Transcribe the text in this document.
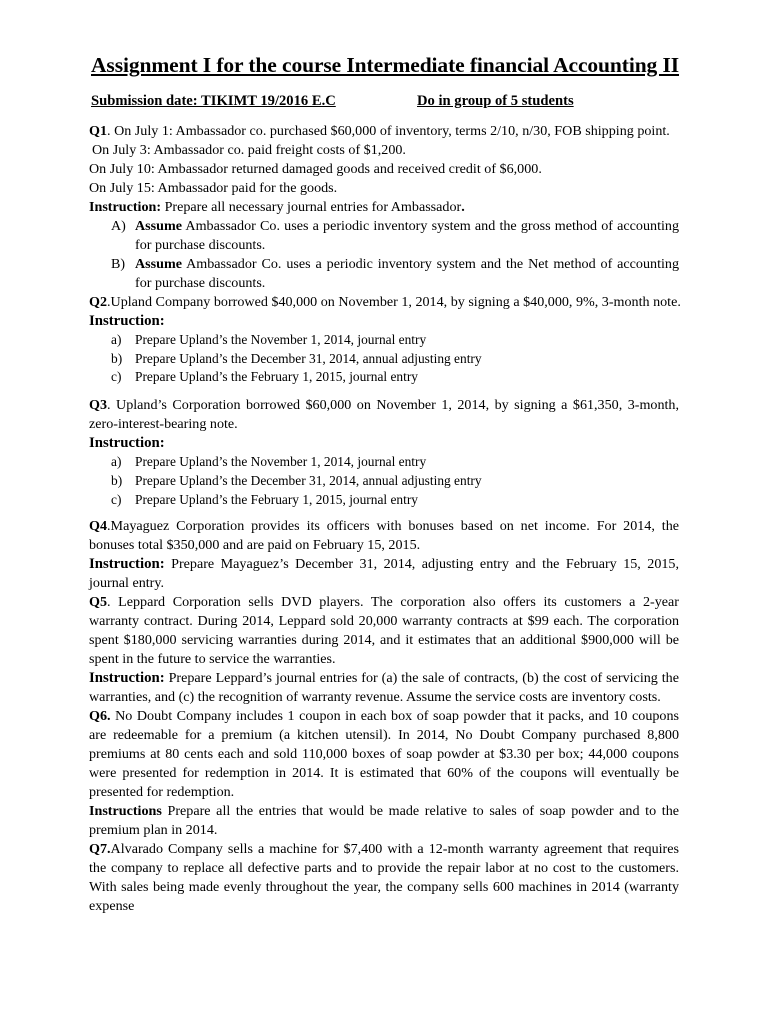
Assignment I for the course Intermediate financial Accounting II
Submission date: TIKIMT 19/2016 E.C	Do in group of 5 students

Q1. On July 1: Ambassador co. purchased $60,000 of inventory, terms 2/10, n/30, FOB shipping point.

On July 3: Ambassador co. paid freight costs of $1,200.

On July 10: Ambassador returned damaged goods and received credit of $6,000.

On July 15: Ambassador paid for the goods.

Instruction: Prepare all necessary journal entries for Ambassador.

A) Assume Ambassador Co. uses a periodic inventory system and the gross method of accounting for purchase discounts.
B) Assume Ambassador Co. uses a periodic inventory system and the Net method of accounting for purchase discounts.

Q2.Upland Company borrowed $40,000 on November 1, 2014, by signing a $40,000, 9%, 3-month note.

Instruction:

a) Prepare Upland’s the November 1, 2014, journal entry
b) Prepare Upland’s the December 31, 2014, annual adjusting entry
c) Prepare Upland’s the February 1, 2015, journal entry

Q3. Upland’s Corporation borrowed $60,000 on November 1, 2014, by signing a $61,350, 3-month, zero-interest-bearing note.

Instruction:

a) Prepare Upland’s the November 1, 2014, journal entry
b) Prepare Upland’s the December 31, 2014, annual adjusting entry
c) Prepare Upland’s the February 1, 2015, journal entry

Q4.Mayaguez Corporation provides its officers with bonuses based on net income. For 2014, the bonuses total $350,000 and are paid on February 15, 2015.

Instruction: Prepare Mayaguez’s December 31, 2014, adjusting entry and the February 15, 2015, journal entry.

Q5. Leppard Corporation sells DVD players. The corporation also offers its customers a 2-year warranty contract. During 2014, Leppard sold 20,000 warranty contracts at $99 each. The corporation spent $180,000 servicing warranties during 2014, and it estimates that an additional $900,000 will be spent in the future to service the warranties.

Instruction: Prepare Leppard’s journal entries for (a) the sale of contracts, (b) the cost of servicing the warranties, and (c) the recognition of warranty revenue. Assume the service costs are inventory costs.

Q6. No Doubt Company includes 1 coupon in each box of soap powder that it packs, and 10 coupons are redeemable for a premium (a kitchen utensil). In 2014, No Doubt Company purchased 8,800 premiums at 80 cents each and sold 110,000 boxes of soap powder at $3.30 per box; 44,000 coupons were presented for redemption in 2014. It is estimated that 60% of the coupons will eventually be presented for redemption.

Instructions Prepare all the entries that would be made relative to sales of soap powder and to the premium plan in 2014.

Q7.Alvarado Company sells a machine for $7,400 with a 12-month warranty agreement that requires the company to replace all defective parts and to provide the repair labor at no cost to the customers. With sales being made evenly throughout the year, the company sells 600 machines in 2014 (warranty expense
